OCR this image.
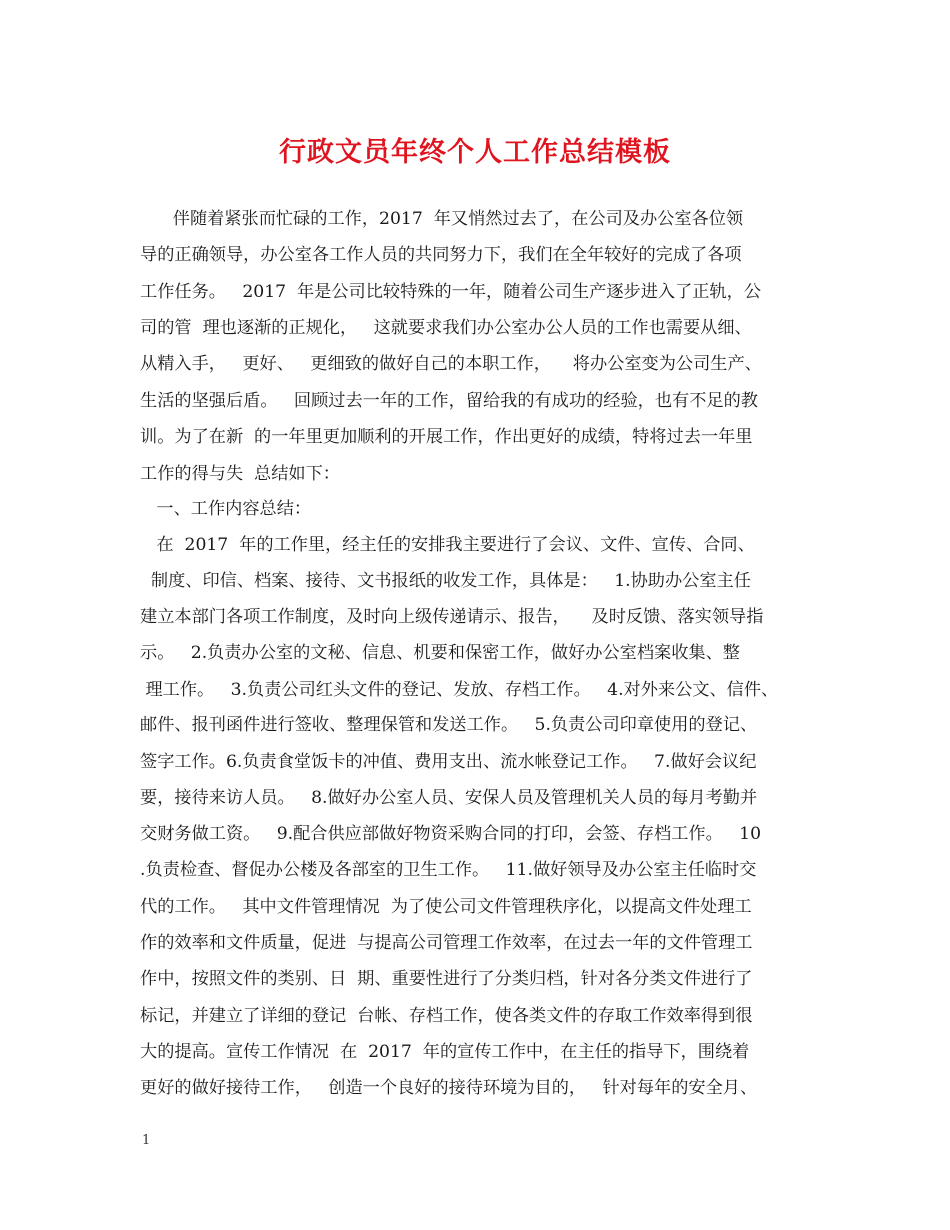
行政文员年终个人工作总结模板
伴随着紧张而忙碌的工作，2017  年又悄然过去了，在公司及办公室各位领
导的正确领导，办公室各工作人员的共同努力下，我们在全年较好的完成了各项
工作任务。   2017  年是公司比较特殊的一年，随着公司生产逐步进入了正轨，公
司的管  理也逐渐的正规化，   这就要求我们办公室办公人员的工作也需要从细、
从精入手，   更好、   更细致的做好自己的本职工作，    将办公室变为公司生产、
生活的坚强后盾。   回顾过去一年的工作，留给我的有成功的经验，也有不足的教
训。为了在新  的一年里更加顺利的开展工作，作出更好的成绩，特将过去一年里
工作的得与失  总结如下：
一、工作内容总结：
在  2017  年的工作里，经主任的安排我主要进行了会议、文件、宣传、合同、
制度、印信、档案、接待、文书报纸的收发工作，具体是：   1.协助办公室主任
建立本部门各项工作制度，及时向上级传递请示、报告，    及时反馈、落实领导指
示。   2.负责办公室的文秘、信息、机要和保密工作，做好办公室档案收集、整
理工作。   3.负责公司红头文件的登记、发放、存档工作。   4.对外来公文、信件、
邮件、报刊函件进行签收、整理保管和发送工作。   5.负责公司印章使用的登记、
签字工作。6.负责食堂饭卡的冲值、费用支出、流水帐登记工作。   7.做好会议纪
要，接待来访人员。   8.做好办公室人员、安保人员及管理机关人员的每月考勤并
交财务做工资。   9.配合供应部做好物资采购合同的打印，会签、存档工作。   10
.负责检查、督促办公楼及各部室的卫生工作。   11.做好领导及办公室主任临时交
代的工作。   其中文件管理情况  为了使公司文件管理秩序化，以提高文件处理工
作的效率和文件质量，促进  与提高公司管理工作效率，在过去一年的文件管理工
作中，按照文件的类别、日  期、重要性进行了分类归档，针对各分类文件进行了
标记，并建立了详细的登记  台帐、存档工作，使各类文件的存取工作效率得到很
大的提高。宣传工作情况  在  2017  年的宣传工作中，在主任的指导下，围绕着
更好的做好接待工作，   创造一个良好的接待环境为目的，   针对每年的安全月、
1
